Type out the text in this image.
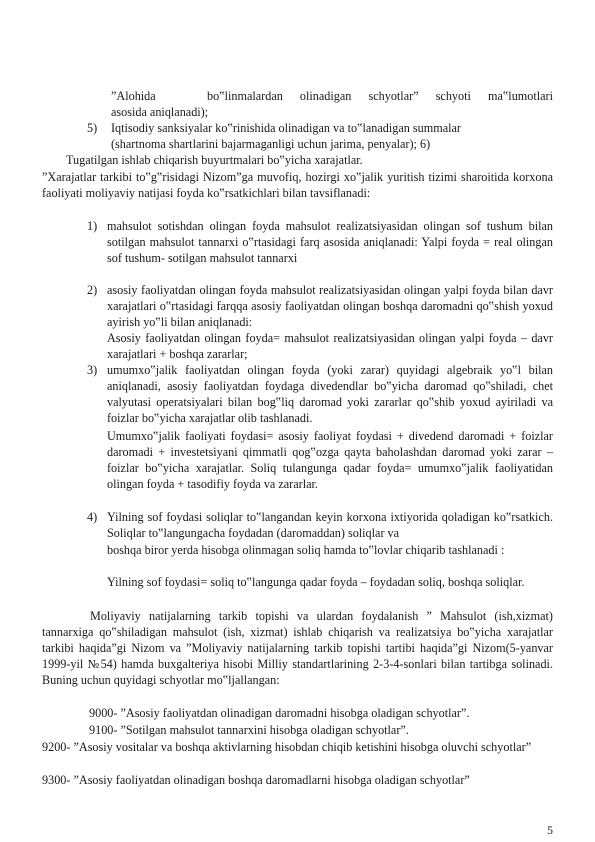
”Alohida      bo‟linmalardan  olinadigan  schyotlar”  schyoti  ma‟lumotlari

asosida aniqlanadi);

5) Iqtisodiy sanksiyalar ko‟rinishida olinadigan va to‟lanadigan summalar

(shartnoma shartlarini bajarmaganligi uchun jarima, penyalar); 6)

Tugatilgan ishlab chiqarish buyurtmalari bo‟yicha xarajatlar.

”Xarajatlar tarkibi to‟g‟risidagi Nizom”ga muvofiq, hozirgi xo‟jalik yuritish tizimi sharoitida korxona faoliyati moliyaviy natijasi foyda ko‟rsatkichlari bilan tavsiflanadi:

1) mahsulot sotishdan olingan foyda mahsulot realizatsiyasidan olingan sof tushum bilan sotilgan mahsulot tannarxi o‟rtasidagi farq asosida aniqlanadi: Yalpi foyda = real olingan sof tushum- sotilgan mahsulot tannarxi

2) asosiy faoliyatdan olingan foyda mahsulot realizatsiyasidan olingan yalpi foyda bilan davr xarajatlari o‟rtasidagi farqqa asosiy faoliyatdan olingan boshqa daromadni qo‟shish yoxud ayirish yo‟li bilan aniqlanadi:

Asosiy faoliyatdan olingan foyda= mahsulot realizatsiyasidan olingan yalpi foyda – davr xarajatlari + boshqa zararlar;

3) umumxo‟jalik faoliyatdan olingan foyda (yoki zarar) quyidagi algebraik yo‟l bilan aniqlanadi, asosiy faoliyatdan foydaga divedendlar bo‟yicha daromad qo‟shiladi, chet valyutasi operatsiyalari bilan bog‟liq daromad yoki zararlar qo‟shib yoxud ayiriladi va foizlar bo‟yicha xarajatlar olib tashlanadi.

Umumxo‟jalik faoliyati foydasi= asosiy faoliyat foydasi + divedend daromadi + foizlar daromadi + investetsiyani qimmatli qog‟ozga qayta baholashdan daromad yoki zarar – foizlar bo‟yicha xarajatlar. Soliq tulangunga qadar foyda= umumxo‟jalik faoliyatidan olingan foyda + tasodifiy foyda va zararlar.

4) Yilning sof foydasi soliqlar to‟langandan keyin korxona ixtiyorida qoladigan ko‟rsatkich. Soliqlar to‟langungacha foydadan (daromaddan) soliqlar va

boshqa biror yerda hisobga olinmagan soliq hamda to‟lovlar chiqarib tashlanadi :

Yilning sof foydasi= soliq to‟langunga qadar foyda – foydadan soliq, boshqa soliqlar.

Moliyaviy natijalarning tarkib topishi va ulardan foydalanish ” Mahsulot (ish,xizmat) tannarxiga qo‟shiladigan mahsulot (ish, xizmat) ishlab chiqarish va realizatsiya bo‟yicha xarajatlar tarkibi haqida”gi Nizom va ”Moliyaviy natijalarning tarkib topishi tartibi haqida”gi Nizom(5-yanvar 1999-yil №54) hamda buxgalteriya hisobi Milliy standartlarining 2-3-4-sonlari bilan tartibga solinadi. Buning uchun quyidagi schyotlar mo‟ljallangan:

9000- ”Asosiy faoliyatdan olinadigan daromadni hisobga oladigan schyotlar”.

9100- ”Sotilgan mahsulot tannarxini hisobga oladigan schyotlar”.

9200- ”Asosiy vositalar va boshqa aktivlarning hisobdan chiqib ketishini hisobga oluvchi schyotlar”

9300- ”Asosiy faoliyatdan olinadigan boshqa daromadlarni hisobga oladigan schyotlar”

5
